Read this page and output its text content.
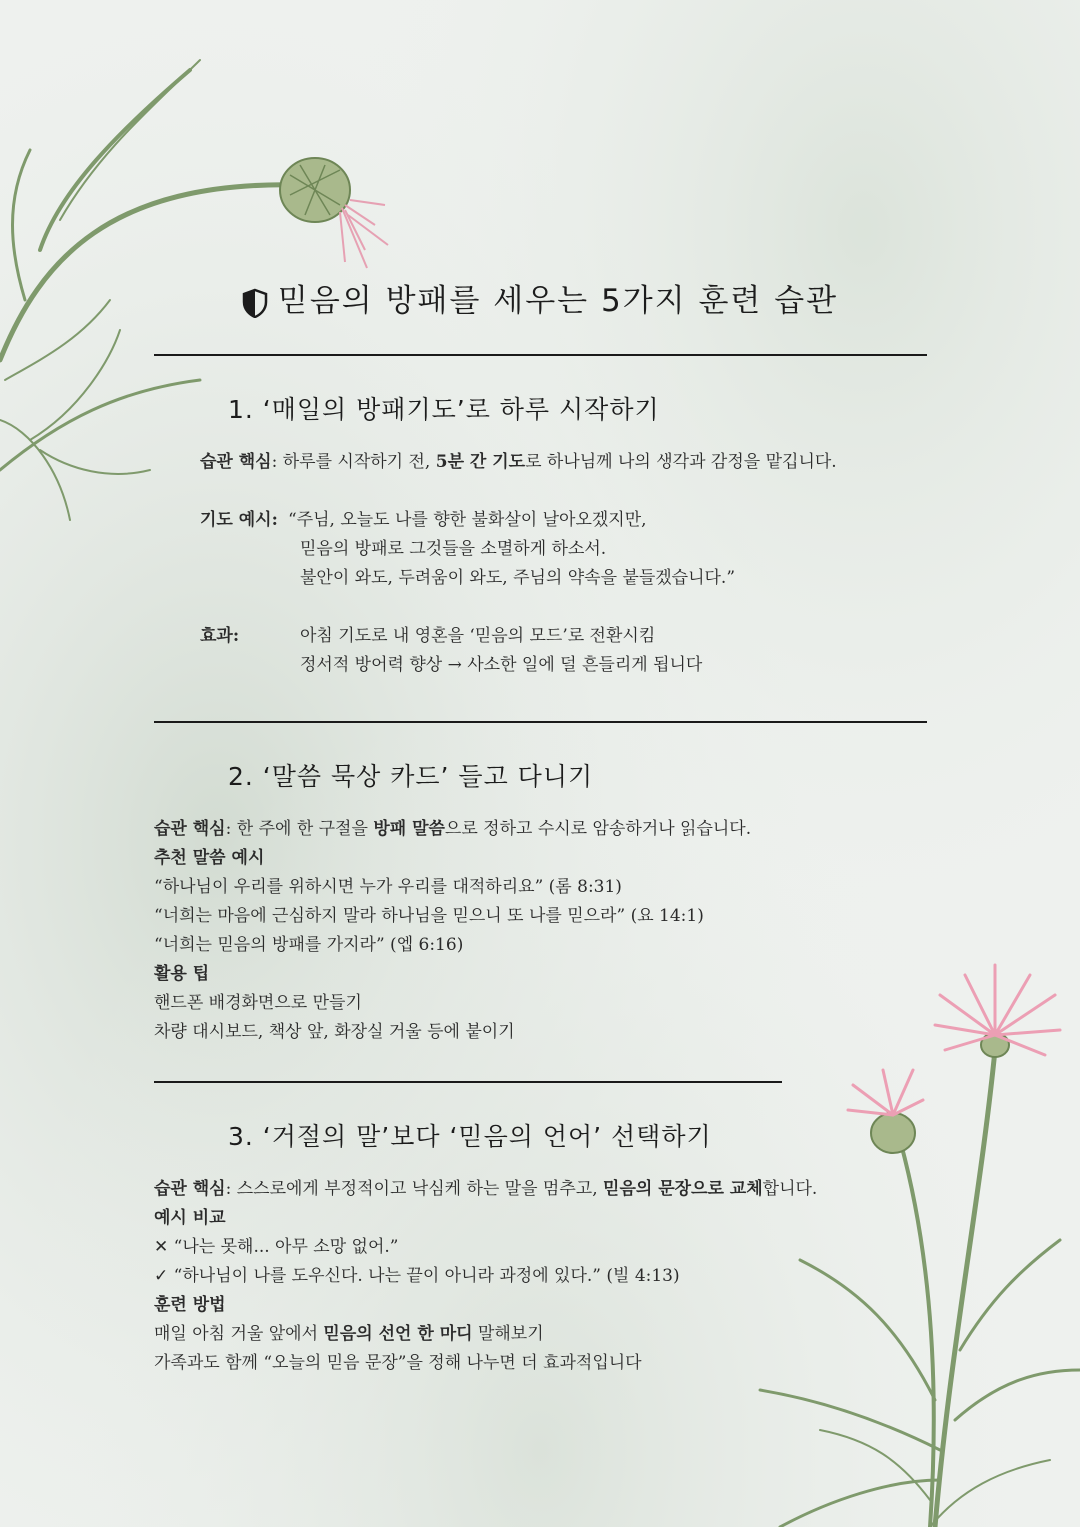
믿음의 방패를 세우는 5가지 훈련 습관
1. ‘매일의 방패기도’로 하루 시작하기
습관 핵심: 하루를 시작하기 전, 5분 간 기도로 하나님께 나의 생각과 감정을 맡깁니다.
기도 예시: “주님, 오늘도 나를 향한 불화살이 날아오겠지만,
믿음의 방패로 그것들을 소멸하게 하소서.
불안이 와도, 두려움이 와도, 주님의 약속을 붙들겠습니다.”
효과:	아침 기도로 내 영혼을 ‘믿음의 모드’로 전환시킴
정서적 방어력 향상 → 사소한 일에 덜 흔들리게 됩니다
2. ‘말씀 묵상 카드’ 들고 다니기
습관 핵심: 한 주에 한 구절을 방패 말씀으로 정하고 수시로 암송하거나 읽습니다.
추천 말씀 예시
“하나님이 우리를 위하시면 누가 우리를 대적하리요” (롬 8:31)
“너희는 마음에 근심하지 말라 하나님을 믿으니 또 나를 믿으라” (요 14:1)
“너희는 믿음의 방패를 가지라” (엡 6:16)
활용 팁
핸드폰 배경화면으로 만들기
차량 대시보드, 책상 앞, 화장실 거울 등에 붙이기
3. ‘거절의 말’보다 ‘믿음의 언어’ 선택하기
습관 핵심: 스스로에게 부정적이고 낙심케 하는 말을 멈추고, 믿음의 문장으로 교체합니다.
예시 비교
✕ “나는 못해... 아무 소망 없어.”
✓ “하나님이 나를 도우신다. 나는 끝이 아니라 과정에 있다.” (빌 4:13)
훈련 방법
매일 아침 거울 앞에서 믿음의 선언 한 마디 말해보기
가족과도 함께 “오늘의 믿음 문장”을 정해 나누면 더 효과적입니다
